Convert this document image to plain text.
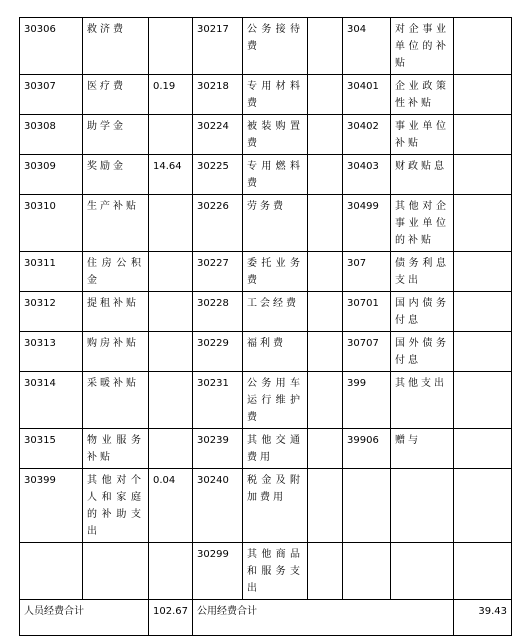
30306	救济费		30217	公务接待费		304	对企事业单位的补贴	
30307	医疗费	0.19	30218	专用材料费		30401	企业政策性补贴	
30308	助学金		30224	被装购置费		30402	事业单位补贴	
30309	奖励金	14.64	30225	专用燃料费		30403	财政贴息	
30310	生产补贴		30226	劳务费		30499	其他对企事业单位的补贴	
30311	住房公积金		30227	委托业务费		307	债务利息支出	
30312	提租补贴		30228	工会经费		30701	国内债务付息	
30313	购房补贴		30229	福利费		30707	国外债务付息	
30314	采暖补贴		30231	公务用车运行维护费		399	其他支出	
30315	物业服务补贴		30239	其他交通费用		39906	赠与	
30399	其他对个人和家庭的补助支出	0.04	30240	税金及附加费用				
			30299	其他商品和服务支出				
人员经费合计		102.67	公用经费合计					39.43
